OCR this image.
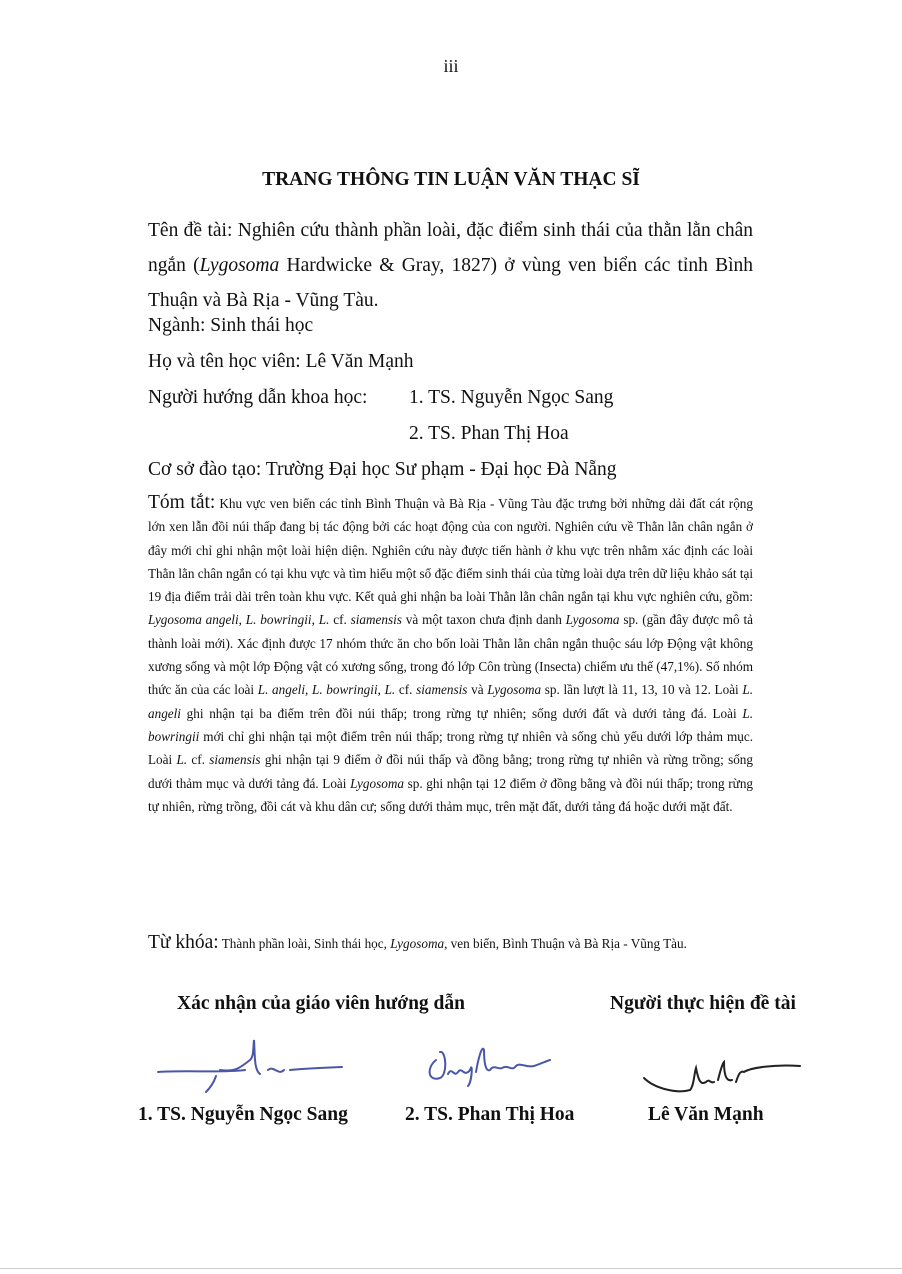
iii
TRANG THÔNG TIN LUẬN VĂN THẠC SĨ
Tên đề tài: Nghiên cứu thành phần loài, đặc điểm sinh thái của thằn lằn chân ngắn (Lygosoma Hardwicke & Gray, 1827) ở vùng ven biển các tỉnh Bình Thuận và Bà Rịa - Vũng Tàu.
Ngành: Sinh thái học
Họ và tên học viên: Lê Văn Mạnh
Người hướng dẫn khoa học: 1. TS. Nguyễn Ngọc Sang
2. TS. Phan Thị Hoa
Cơ sở đào tạo: Trường Đại học Sư phạm - Đại học Đà Nẵng
Tóm tắt: Khu vực ven biển các tỉnh Bình Thuận và Bà Rịa - Vũng Tàu đặc trưng bởi những dải đất cát rộng lớn xen lẫn đồi núi thấp đang bị tác động bởi các hoạt động của con người. Nghiên cứu về Thằn lằn chân ngắn ở đây mới chỉ ghi nhận một loài hiện diện. Nghiên cứu này được tiến hành ở khu vực trên nhằm xác định các loài Thằn lằn chân ngắn có tại khu vực và tìm hiểu một số đặc điểm sinh thái của từng loài dựa trên dữ liệu khảo sát tại 19 địa điểm trải dài trên toàn khu vực. Kết quả ghi nhận ba loài Thằn lằn chân ngắn tại khu vực nghiên cứu, gồm: Lygosoma angeli, L. bowringii, L. cf. siamensis và một taxon chưa định danh Lygosoma sp. (gần đây được mô tả thành loài mới). Xác định được 17 nhóm thức ăn cho bốn loài Thằn lằn chân ngắn thuộc sáu lớp Động vật không xương sống và một lớp Động vật có xương sống, trong đó lớp Côn trùng (Insecta) chiếm ưu thế (47,1%). Số nhóm thức ăn của các loài L. angeli, L. bowringii, L. cf. siamensis và Lygosoma sp. lần lượt là 11, 13, 10 và 12. Loài L. angeli ghi nhận tại ba điểm trên đồi núi thấp; trong rừng tự nhiên; sống dưới đất và dưới tảng đá. Loài L. bowringii mới chỉ ghi nhận tại một điểm trên núi thấp; trong rừng tự nhiên và sống chủ yếu dưới lớp thảm mục. Loài L. cf. siamensis ghi nhận tại 9 điểm ở đồi núi thấp và đồng bằng; trong rừng tự nhiên và rừng trồng; sống dưới thảm mục và dưới tảng đá. Loài Lygosoma sp. ghi nhận tại 12 điểm ở đồng bằng và đồi núi thấp; trong rừng tự nhiên, rừng trồng, đồi cát và khu dân cư; sống dưới thảm mục, trên mặt đất, dưới tảng đá hoặc dưới mặt đất.
Từ khóa: Thành phần loài, Sinh thái học, Lygosoma, ven biển, Bình Thuận và Bà Rịa - Vũng Tàu.
Xác nhận của giáo viên hướng dẫn	Người thực hiện đề tài
1. TS. Nguyễn Ngọc Sang	2. TS. Phan Thị Hoa	Lê Văn Mạnh
